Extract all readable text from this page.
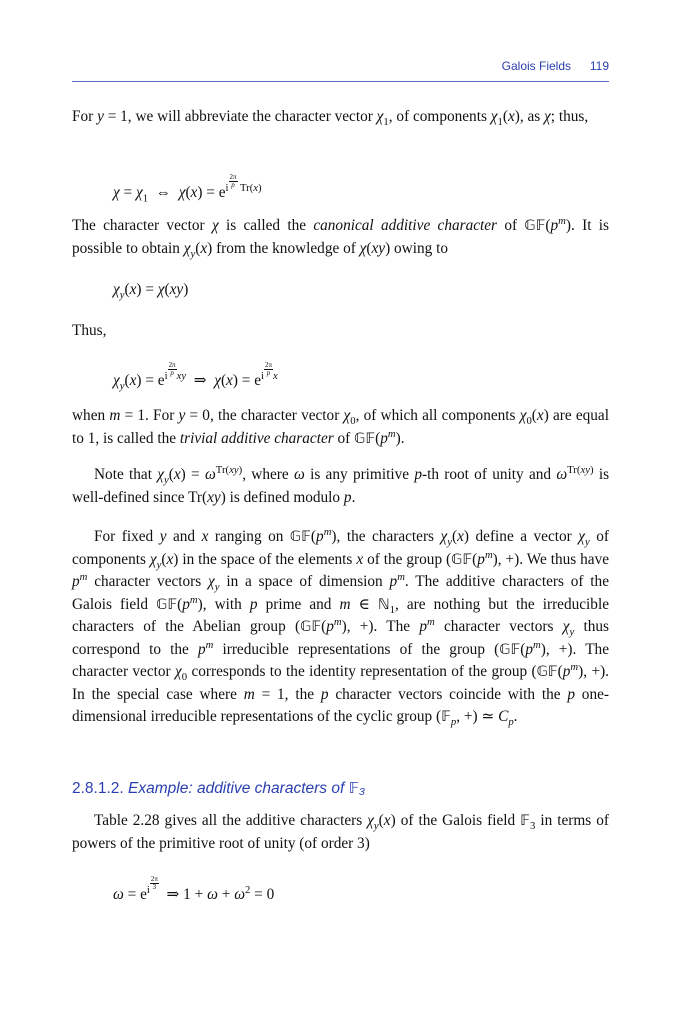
Galois Fields 119
For y = 1, we will abbreviate the character vector $\chi_1$, of components $\chi_1(x)$, as χ; thus,
$\chi = \chi_1$  ⇔  $\chi(x) = e^{i \frac{2\pi}{p} Tr(x)}$
The character vector χ is called the canonical additive character of $𝔾𝔽(p^m)$. It is possible to obtain $\chi_y(x)$ from the knowledge of χ(xy) owing to
$\chi_y(x) = \chi(xy)$
Thus,
$\chi_y(x) = e^{i \frac{2\pi}{p} xy}$  ⇒  $\chi(x) = e^{i \frac{2\pi}{p} x}$
when m = 1. For y = 0, the character vector $\chi_0$, of which all components $\chi_0(x)$ are equal to 1, is called the trivial additive character of $𝔾𝔽(p^m)$.
Note that $\chi_y(x) = \omega^{Tr(xy)}$, where ω is any primitive p-th root of unity and $\omega^{Tr(xy)}$ is well-defined since Tr(xy) is defined modulo p.
For fixed y and x ranging on $𝔾𝔽(p^m)$, the characters $\chi_y(x)$ define a vector $\chi_y$ of components $\chi_y(x)$ in the space of the elements x of the group ($𝔾𝔽(p^m)$, +). We thus have $p^m$ character vectors $\chi_y$ in a space of dimension $p^m$. The additive characters of the Galois field $𝔾𝔽(p^m)$, with p prime and m ∈ ℕ$_1$, are nothing but the irreducible characters of the Abelian group ($𝔾𝔽(p^m)$, +). The $p^m$ character vectors $\chi_y$ thus correspond to the $p^m$ irreducible representations of the group ($𝔾𝔽(p^m)$, +). The character vector $\chi_0$ corresponds to the identity representation of the group ($𝔾𝔽(p^m)$, +). In the special case where m = 1, the p character vectors coincide with the p one-dimensional irreducible representations of the cyclic group (𝔽$_p$, +) ≃ $C_p$.
2.8.1.2. Example: additive characters of 𝔽₃
Table 2.28 gives all the additive characters $\chi_y(x)$ of the Galois field 𝔽$_3$ in terms of powers of the primitive root of unity (of order 3)
$\omega = e^{i \frac{2\pi}{3}}$
⇒ $1 + \omega + \omega^2 = 0$
